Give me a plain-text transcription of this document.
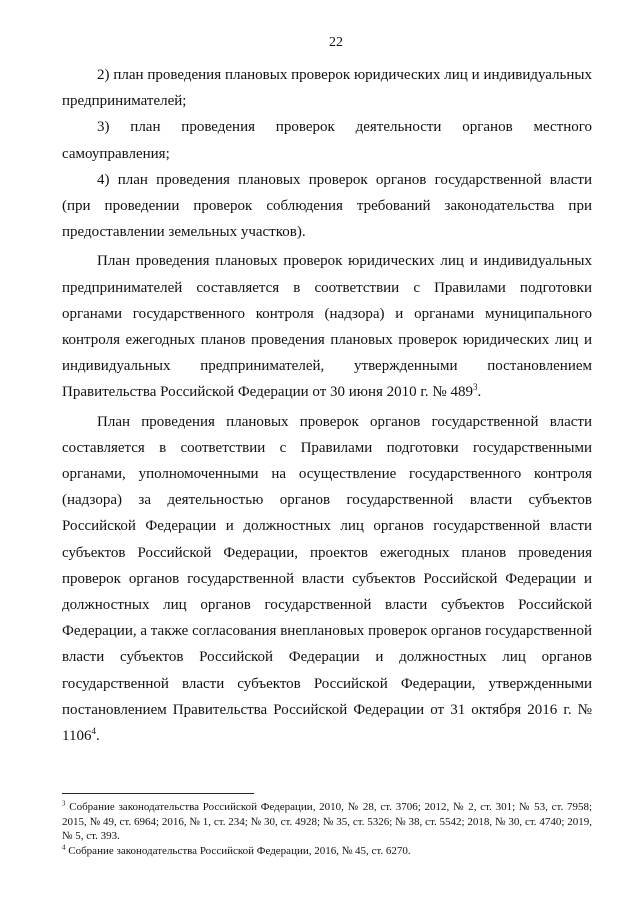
22

2) план проведения плановых проверок юридических лиц и индивидуальных предпринимателей;

3) план проведения проверок деятельности органов местного самоуправления;

4) план проведения плановых проверок органов государственной власти (при проведении проверок соблюдения требований законодательства при предоставлении земельных участков).

План проведения плановых проверок юридических лиц и индивидуальных предпринимателей составляется в соответствии с Правилами подготовки органами государственного контроля (надзора) и органами муниципального контроля ежегодных планов проведения плановых проверок юридических лиц и индивидуальных предпринимателей, утвержденными постановлением Правительства Российской Федерации от 30 июня 2010 г. № $489^3$.

План проведения плановых проверок органов государственной власти составляется в соответствии с Правилами подготовки государственными органами, уполномоченными на осуществление государственного контроля (надзора) за деятельностью органов государственной власти субъектов Российской Федерации и должностных лиц органов государственной власти субъектов Российской Федерации, проектов ежегодных планов проведения проверок органов государственной власти субъектов Российской Федерации и должностных лиц органов государственной власти субъектов Российской Федерации, а также согласования внеплановых проверок органов государственной власти субъектов Российской Федерации и должностных лиц органов государственной власти субъектов Российской Федерации, утвержденными постановлением Правительства Российской Федерации от 31 октября 2016 г. № 1106$^4$.

$^3$ Собрание законодательства Российской Федерации, 2010, № 28, ст. 3706; 2012, № 2, ст. 301; № 53, ст. 7958; 2015, № 49, ст. 6964; 2016, № 1, ст. 234; № 30, ст. 4928; № 35, ст. 5326; № 38, ст. 5542; 2018, № 30, ст. 4740; 2019, № 5, ст. 393.

$^4$ Собрание законодательства Российской Федерации, 2016, № 45, ст. 6270.
